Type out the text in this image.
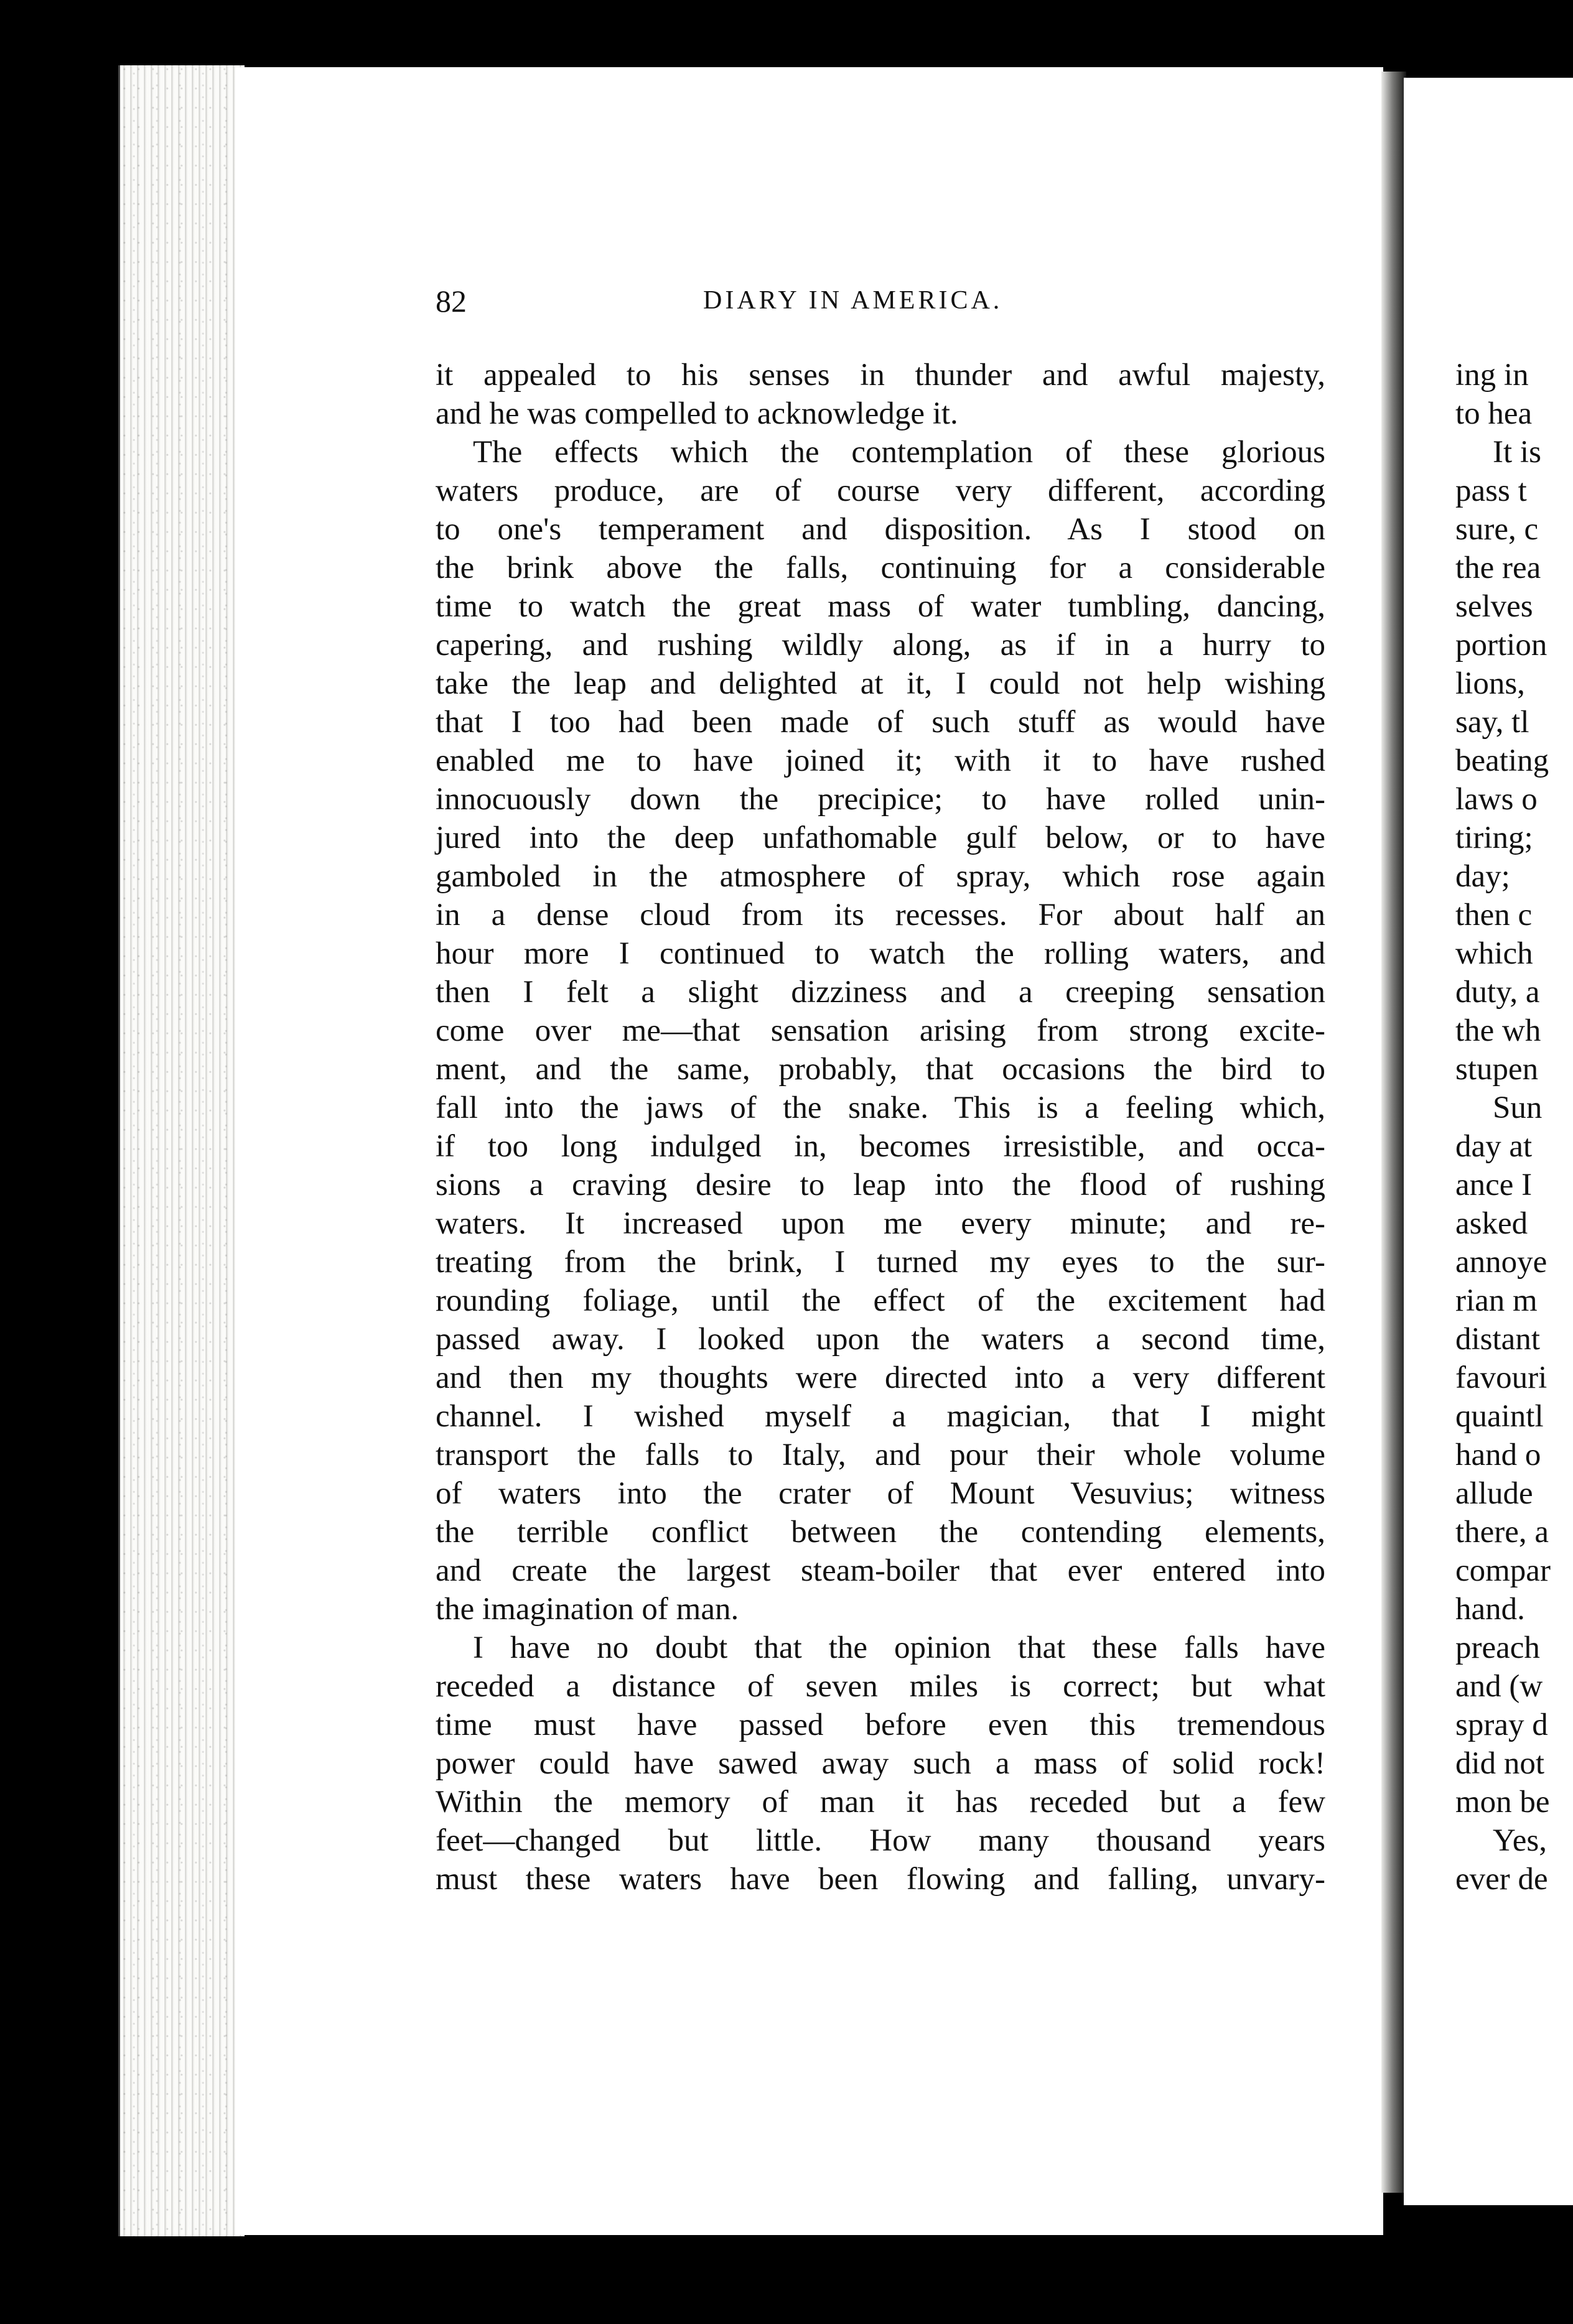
82	DIARY IN AMERICA.
it appealed to his senses in thunder and awful majesty,
and he was compelled to acknowledge it.
The effects which the contemplation of these glorious
waters produce, are of course very different, according
to one's temperament and disposition. As I stood on
the brink above the falls, continuing for a considerable
time to watch the great mass of water tumbling, dancing,
capering, and rushing wildly along, as if in a hurry to
take the leap and delighted at it, I could not help wishing
that I too had been made of such stuff as would have
enabled me to have joined it; with it to have rushed
innocuously down the precipice; to have rolled unin-
jured into the deep unfathomable gulf below, or to have
gamboled in the atmosphere of spray, which rose again
in a dense cloud from its recesses. For about half an
hour more I continued to watch the rolling waters, and
then I felt a slight dizziness and a creeping sensation
come over me—that sensation arising from strong excite-
ment, and the same, probably, that occasions the bird to
fall into the jaws of the snake. This is a feeling which,
if too long indulged in, becomes irresistible, and occa-
sions a craving desire to leap into the flood of rushing
waters. It increased upon me every minute; and re-
treating from the brink, I turned my eyes to the sur-
rounding foliage, until the effect of the excitement had
passed away. I looked upon the waters a second time,
and then my thoughts were directed into a very different
channel. I wished myself a magician, that I might
transport the falls to Italy, and pour their whole volume
of waters into the crater of Mount Vesuvius; witness
the terrible conflict between the contending elements,
and create the largest steam-boiler that ever entered into
the imagination of man.
I have no doubt that the opinion that these falls have
receded a distance of seven miles is correct; but what
time must have passed before even this tremendous
power could have sawed away such a mass of solid rock!
Within the memory of man it has receded but a few
feet—changed but little. How many thousand years
must these waters have been flowing and falling, unvary-
ing in
to hea
It is
pass t
sure, c
the rea
selves
portion
lions,
say, tl
beating
laws o
tiring;
day;
then c
which
duty, a
the wh
stupen
Sun
day at
ance I
asked
annoye
rian m
distant
favouri
quaintl
hand o
allude
there, a
compar
hand.
preach
and (w
spray d
did not
mon be
Yes,
ever de
